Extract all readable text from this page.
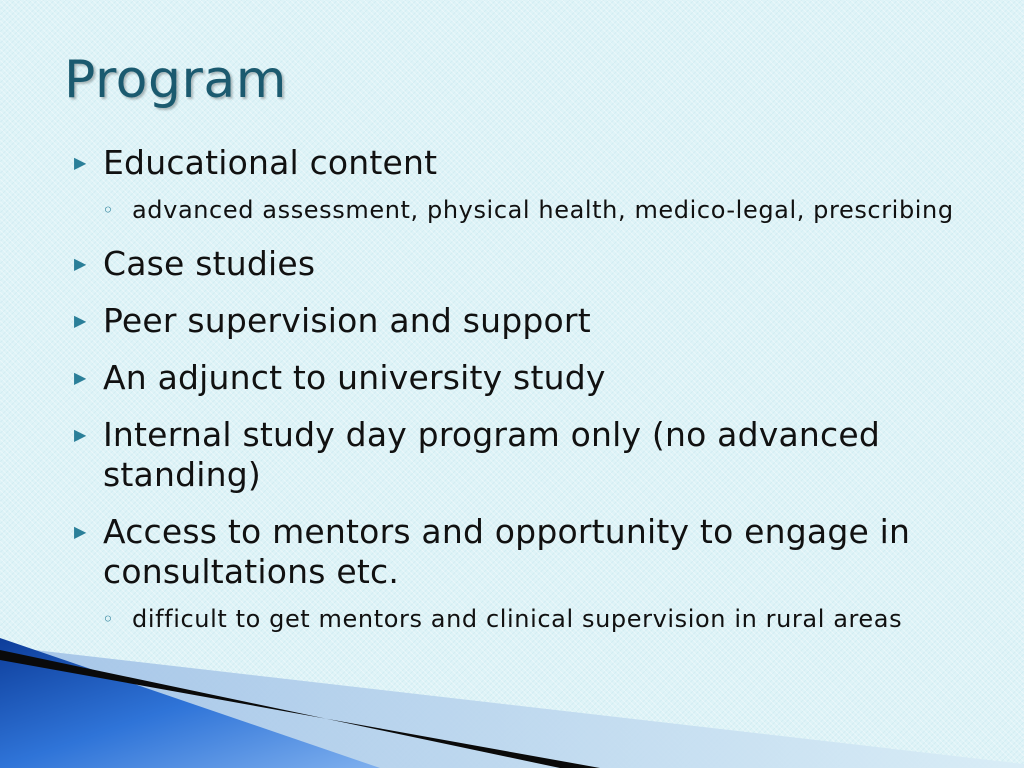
Program
▶ Educational content
◦ advanced assessment, physical health, medico-legal, prescribing
▶ Case studies
▶ Peer supervision and support
▶ An adjunct to university study
▶ Internal study day program only (no advanced standing)
▶ Access to mentors and opportunity to engage in consultations etc.
◦ difficult to get mentors and clinical supervision in rural areas
